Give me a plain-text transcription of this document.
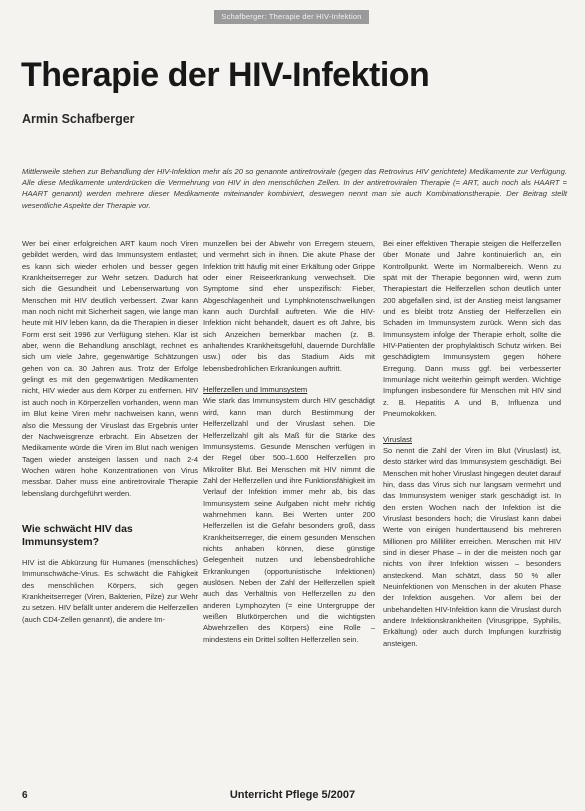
Schafberger: Therapie der HIV-Infektion
Therapie der HIV-Infektion
Armin Schafberger

Mittlerweile stehen zur Behandlung der HIV-Infektion mehr als 20 so genannte antiretrovirale (gegen das Retrovirus HIV gerichtete) Medikamente zur Verfügung. Alle diese Medikamente unterdrücken die Vermehrung von HIV in den menschlichen Zellen. In der antiretroviralen Therapie (= ART, auch noch als HAART = HAART genannt) werden mehrere dieser Medikamente miteinander kombiniert, deswegen nennt man sie auch Kombinationstherapie. Der Beitrag stellt wesentliche Aspekte der Therapie vor.

Wer bei einer erfolgreichen ART kaum noch Viren gebildet werden, wird das Immunsystem entlastet; es kann sich wieder erholen und besser gegen Krankheitserreger zur Wehr setzen. Dadurch hat sich die Gesundheit und Lebenserwartung von Menschen mit HIV deutlich verbessert. Zwar kann man noch nicht mit Sicherheit sagen, wie lange man heute mit HIV leben kann, da die Therapien in dieser Form erst seit 1996 zur Verfügung stehen. Klar ist aber, wenn die Behandlung anschlägt, rechnet es sich um viele Jahre, gegenwärtige Schätzungen gehen von ca. 30 Jahren aus. Trotz der Erfolge gelingt es mit den gegenwärtigen Medikamenten nicht, HIV wieder aus dem Körper zu entfernen. HIV ist auch noch in Körperzellen vorhanden, wenn man im Blut keine Viren mehr nachweisen kann, wenn also die Messung der Viruslast das Ergebnis unter der Nachweisgrenze erbracht. Ein Absetzen der Medikamente würde die Viren im Blut nach wenigen Tagen wieder ansteigen lassen und nach 2-4 Wochen wären hohe Konzentrationen von Virus messbar. Daher muss eine antiretrovirale Therapie lebenslang durchgeführt werden.

Wie schwächt HIV das Immunsystem?

HIV ist die Abkürzung für Humanes (menschliches) Immunschwäche-Virus. Es schwächt die Fähigkeit des menschlichen Körpers, sich gegen Krankheitserreger (Viren, Bakterien, Pilze) zur Wehr zu setzen. HIV befällt unter anderem die Helferzellen (auch CD4-Zellen genannt), die andere Im-

munzellen bei der Abwehr von Erregern steuern, und vermehrt sich in ihnen. Die akute Phase der Infektion tritt häufig mit einer Erkältung oder Grippe oder einer Reiseerkrankung verwechselt. Die Symptome sind eher unspezifisch: Fieber, Abgeschlagenheit und Lymphknotenschwellungen kann auch Durchfall auftreten. Wie die HIV-Infektion nicht behandelt, dauert es oft Jahre, bis sich Anzeichen bemerkbar machen (z. B. anhaltendes Krankheitsgefühl, dauernde Durchfälle usw.) oder bis das Stadium Aids mit lebensbedrohlichen Erkrankungen auftritt.

Helferzellen und Immunsystem

Wie stark das Immunsystem durch HIV geschädigt wird, kann man durch Bestimmung der Helferzellzahl und der Viruslast sehen. Die Helferzellzahl gilt als Maß für die Stärke des Immunsystems. Gesunde Menschen verfügen in der Regel über 500–1.600 Helferzellen pro Mikroliter Blut. Bei Menschen mit HIV nimmt die Zahl der Helferzellen und ihre Funktionsfähigkeit im Verlauf der Infektion immer mehr ab, bis das Immunsystem seine Aufgaben nicht mehr richtig wahrnehmen kann. Bei Werten unter 200 Helferzellen ist die Gefahr besonders groß, dass Krankheitserreger, die einem gesunden Menschen nichts anhaben können, diese günstige Gelegenheit nutzen und lebensbedrohliche Erkrankungen (opportunistische Infektionen) auslösen. Neben der Zahl der Helferzellen spielt auch das Verhältnis von Helferzellen zu den anderen Lymphozyten (= eine Untergruppe der weißen Blutkörperchen und die wichtigsten Abwehrzellen des Körpers) eine Rolle – mindestens ein Drittel sollten Helferzellen sein.

Bei einer effektiven Therapie steigen die Helferzellen über Monate und Jahre kontinuierlich an, ein Kontrollpunkt. Werte im Normalbereich. Wenn zu spät mit der Therapie begonnen wird, wenn zum Therapiestart die Helferzellen schon deutlich unter 200 abgefallen sind, ist der Anstieg meist langsamer und es bleibt trotz Anstieg der Helferzellen ein Schaden im Immunsystem zurück. Wenn sich das Immunsystem infolge der Therapie erholt, sollte die HIV-Patienten der prophylaktisch Schutz wirken. Bei geschädigtem Immunsystem gegen höhere Erregung. Dann muss ggf. bei verbesserter Immunlage nicht weiterhin geimpft werden. Wichtige Impfungen insbesondere für Menschen mit HIV sind z. B. Hepatitis A und B, Influenza und Pneumokokken.

Viruslast

So nennt die Zahl der Viren im Blut (Viruslast) ist, desto stärker wird das Immunsystem geschädigt. Bei Menschen mit hoher Viruslast hingegen deutet darauf hin, dass das Virus sich nur langsam vermehrt und das Immunsystem weniger stark geschädigt ist. In den ersten Wochen nach der Infektion ist die Viruslast besonders hoch; die Viruslast kann dabei Werte von einigen hunderttausend bis mehreren Millionen pro Milliliter erreichen. Menschen mit HIV sind in dieser Phase – in der die meisten noch gar nichts von ihrer Infektion wissen – besonders ansteckend. Man schätzt, dass 50 % aller Neuinfektionen von Menschen in der akuten Phase der Infektion ausgehen. Vor allem bei der unbehandelten HIV-Infektion kann die Viruslast durch andere Infektionskrankheiten (Virusgrippe, Syphilis, Erkältung) oder auch durch Impfungen kurzfristig ansteigen.

6	Unterricht Pflege 5/2007
